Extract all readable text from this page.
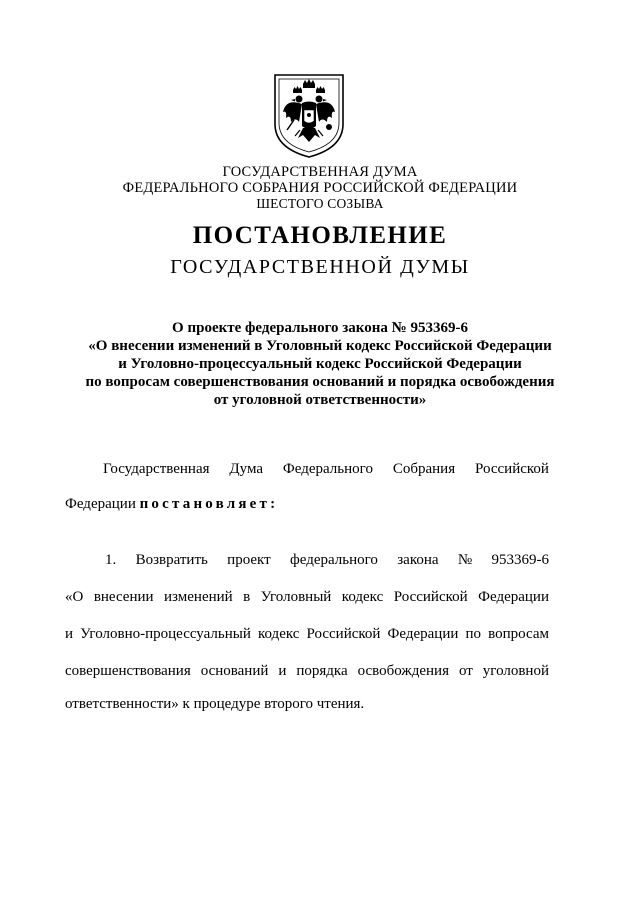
ГОСУДАРСТВЕННАЯ ДУМА
ФЕДЕРАЛЬНОГО СОБРАНИЯ РОССИЙСКОЙ ФЕДЕРАЦИИ
ШЕСТОГО СОЗЫВА
ПОСТАНОВЛЕНИЕ
ГОСУДАРСТВЕННОЙ ДУМЫ
О проекте федерального закона № 953369-6
«О внесении изменений в Уголовный кодекс Российской Федерации
и Уголовно-процессуальный кодекс Российской Федерации
по вопросам совершенствования оснований и порядка освобождения
от уголовной ответственности»
Государственная Дума Федерального Собрания Российской
Федерации постановляет:
1. Возвратить проект федерального закона № 953369-6
«О внесении изменений в Уголовный кодекс Российской Федерации
и Уголовно-процессуальный кодекс Российской Федерации по вопросам
совершенствования оснований и порядка освобождения от уголовной
ответственности» к процедуре второго чтения.
